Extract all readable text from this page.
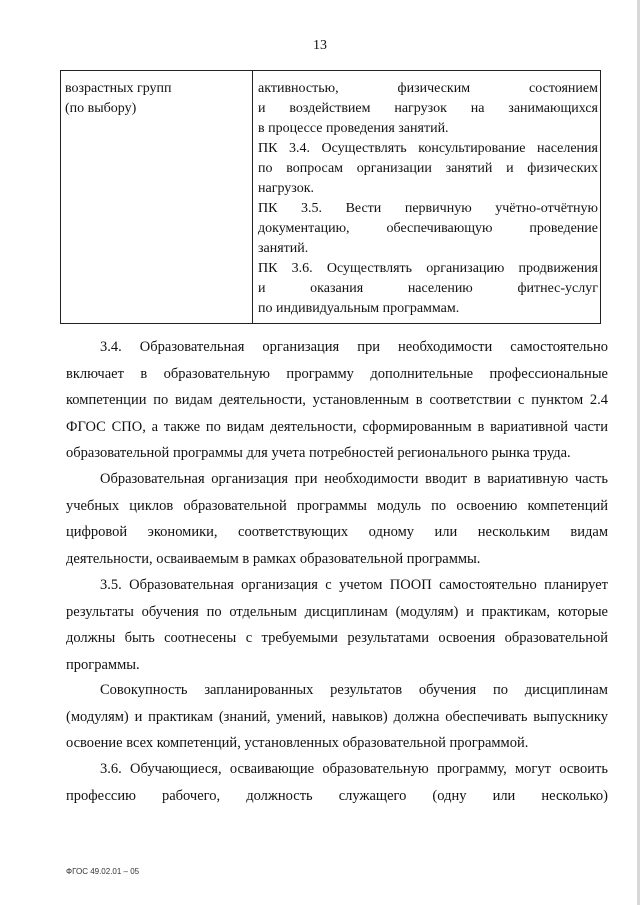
13
возрастных групп
(по выбору)
активностью, физическим состоянием
и воздействием нагрузок на занимающихся
в процессе проведения занятий.
ПК 3.4. Осуществлять консультирование населения
по вопросам организации занятий и физических
нагрузок.
ПК 3.5. Вести первичную учётно-отчётную
документацию, обеспечивающую проведение
занятий.
ПК 3.6. Осуществлять организацию продвижения
и оказания населению фитнес-услуг
по индивидуальным программам.
3.4. Образовательная организация при необходимости самостоятельно
включает в образовательную программу дополнительные профессиональные
компетенции по видам деятельности, установленным в соответствии с пунктом 2.4
ФГОС СПО, а также по видам деятельности, сформированным в вариативной части
образовательной программы для учета потребностей регионального рынка труда.
Образовательная организация при необходимости вводит в вариативную часть
учебных циклов образовательной программы модуль по освоению компетенций
цифровой экономики, соответствующих одному или нескольким видам
деятельности, осваиваемым в рамках образовательной программы.
3.5. Образовательная организация с учетом ПООП самостоятельно планирует
результаты обучения по отдельным дисциплинам (модулям) и практикам, которые
должны быть соотнесены с требуемыми результатами освоения образовательной
программы.
Совокупность запланированных результатов обучения по дисциплинам
(модулям) и практикам (знаний, умений, навыков) должна обеспечивать выпускнику
освоение всех компетенций, установленных образовательной программой.
3.6. Обучающиеся, осваивающие образовательную программу, могут освоить
профессию рабочего, должность служащего (одну или несколько)
ФГОС 49.02.01 – 05
